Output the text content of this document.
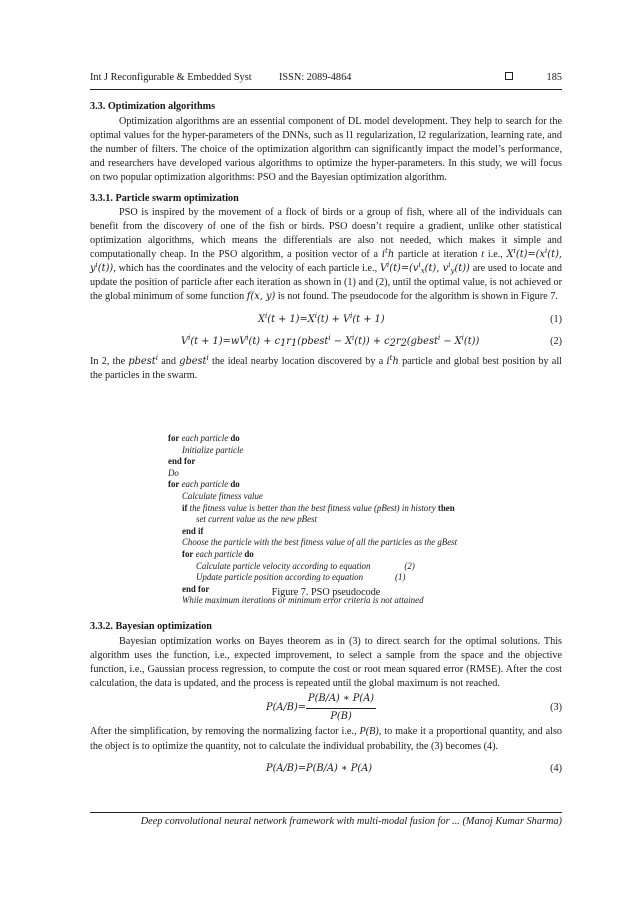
Int J Reconfigurable & Embedded Syst	ISSN: 2089-4864	185

3.3. Optimization algorithms

Optimization algorithms are an essential component of DL model development. They help to search for the optimal values for the hyper-parameters of the DNNs, such as l1 regularization, l2 regularization, learning rate, and the number of filters. The choice of the optimization algorithm can significantly impact the model’s performance, and researchers have developed various algorithms to optimize the hyper-parameters. In this study, we will focus on two popular optimization algorithms: PSO and the Bayesian optimization algorithm.

3.3.1. Particle swarm optimization

PSO is inspired by the movement of a flock of birds or a group of fish, where all of the individuals can benefit from the discovery of one of the fish or birds. PSO doesn’t require a gradient, unlike other statistical optimization algorithms, which means the differentials are also not needed, which makes it simple and computationally cheap. In the PSO algorithm, a position vector of a $i^th$ particle at iteration t i.e., $X^i(t)=(x^i(t)$, $y^i(t)$), which has the coordinates and the velocity of each particle i.e., $V^i(t)=(v^i_x(t)$, $v^i_y(t)$) are used to locate and update the position of particle after each iteration as shown in (1) and (2), until the optimal value, is not achieved or the global minimum of some function f(x, y) is not found. The pseudocode for the algorithm is shown in Figure 7.

$X^i(t + 1)=X^i(t) + V^i(t + 1)$	(1)
$V^i(t + 1)=wV^i(t)$ + $c_1r_1(pbest^i - X^i(t))$ + $c_2r_2(gbest^i - X^i(t))$	(2)

In 2, the pbest$^i$ and gbest$^i$ the ideal nearby location discovered by a $i^th$ particle and global best position by all the particles in the swarm.

for each particle do
Initialize particle
end for
Do
for each particle do
Calculate fitness value
if the fitness value is better than the best fitness value (pBest) in history then
set current value as the new pBest
end if
Choose the particle with the best fitness value of all the particles as the gBest
for each particle do
Calculate particle velocity according to equation	(2)
Update particle position according to equation	(1)
end for
While maximum iterations or minimum error criteria is not attained
Figure 7. PSO pseudocode

3.3.2. Bayesian optimization

Bayesian optimization works on Bayes theorem as in (3) to direct search for the optimal solutions. This algorithm uses the function, i.e., expected improvement, to select a sample from the space and the objective function, i.e., Gaussian process regression, to compute the cost or root mean squared error (RMSE). After the cost calculation, the data is updated, and the process is repeated until the global maximum is not reached.

$P(A/B)= \frac{P(B/A) ∗ P(A)}{P(B)}$	(3)

After the simplification, by removing the normalizing factor i.e., P(B), to make it a proportional quantity, and also the object is to optimize the quantity, not to calculate the individual probability, the (3) becomes (4).

P(A/B)=P(B/A) ∗ P(A)	(4)
Deep convolutional neural network framework with multi-modal fusion for ... (Manoj Kumar Sharma)
